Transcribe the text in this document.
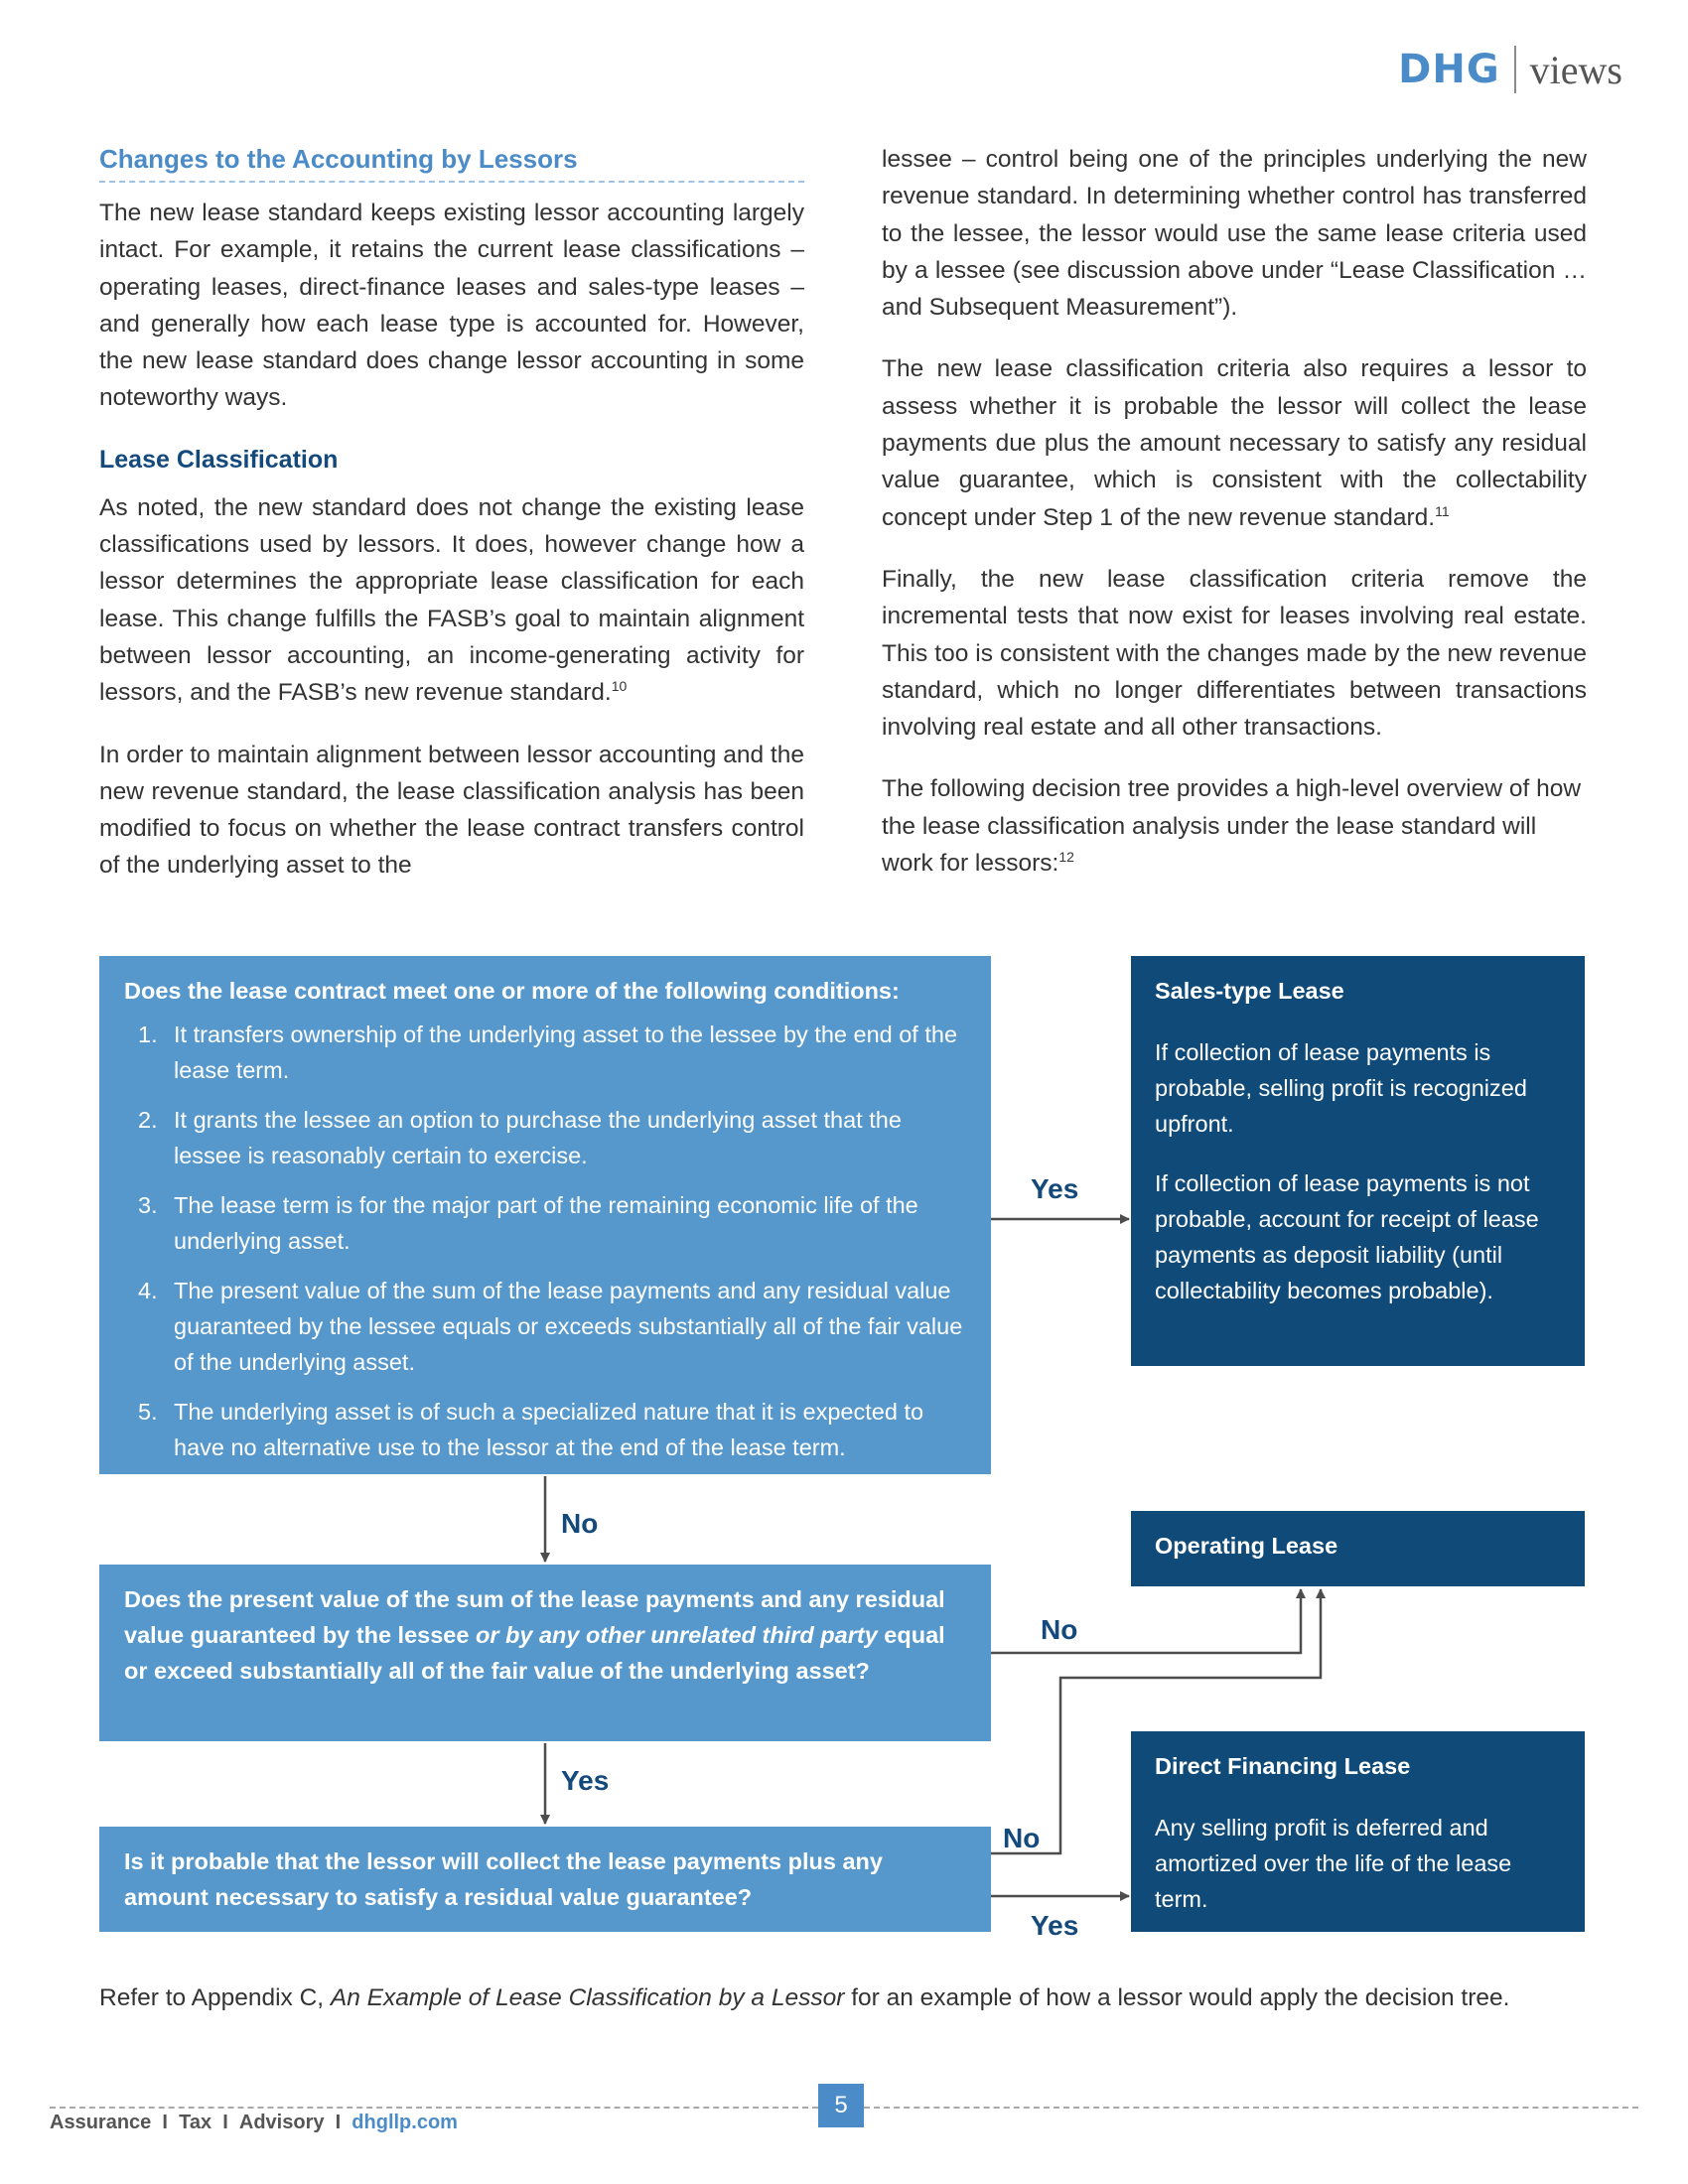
DHG views
Changes to the Accounting by Lessors

The new lease standard keeps existing lessor accounting largely intact. For example, it retains the current lease classifications – operating leases, direct-finance leases and sales-type leases – and generally how each lease type is accounted for. However, the new lease standard does change lessor accounting in some noteworthy ways.

Lease Classification

As noted, the new standard does not change the existing lease classifications used by lessors. It does, however change how a lessor determines the appropriate lease classification for each lease. This change fulfills the FASB’s goal to maintain alignment between lessor accounting, an income-generating activity for lessors, and the FASB’s new revenue standard.$^{10}$

In order to maintain alignment between lessor accounting and the new revenue standard, the lease classification analysis has been modified to focus on whether the lease contract transfers control of the underlying asset to the

lessee – control being one of the principles underlying the new revenue standard. In determining whether control has transferred to the lessee, the lessor would use the same lease criteria used by a lessee (see discussion above under “Lease Classification … and Subsequent Measurement”).

The new lease classification criteria also requires a lessor to assess whether it is probable the lessor will collect the lease payments due plus the amount necessary to satisfy any residual value guarantee, which is consistent with the collectability concept under Step 1 of the new revenue standard.$^{11}$

Finally, the new lease classification criteria remove the incremental tests that now exist for leases involving real estate. This too is consistent with the changes made by the new revenue standard, which no longer differentiates between transactions involving real estate and all other transactions.

The following decision tree provides a high-level overview of how the lease classification analysis under the lease standard will work for lessors:$^{12}$

Does the lease contract meet one or more of the following conditions:
1. It transfers ownership of the underlying asset to the lessee by the end of the lease term.
2. It grants the lessee an option to purchase the underlying asset that the lessee is reasonably certain to exercise.
3. The lease term is for the major part of the remaining economic life of the underlying asset.
4. The present value of the sum of the lease payments and any residual value guaranteed by the lessee equals or exceeds substantially all of the fair value of the underlying asset.
5. The underlying asset is of such a specialized nature that it is expected to have no alternative use to the lessor at the end of the lease term.
Sales-type Lease
If collection of lease payments is probable, selling profit is recognized upfront.
If collection of lease payments is not probable, account for receipt of lease payments as deposit liability (until collectability becomes probable).
Does the present value of the sum of the lease payments and any residual value guaranteed by the lessee or by any other unrelated third party equal or exceed substantially all of the fair value of the underlying asset?
Operating Lease
Direct Financing Lease
Any selling profit is deferred and amortized over the life of the lease term.
Is it probable that the lessor will collect the lease payments plus any amount necessary to satisfy a residual value guarantee?
Yes
No
No
Yes
No
Yes
Refer to Appendix C, An Example of Lease Classification by a Lessor for an example of how a lessor would apply the decision tree.
5
Assurance I Tax I Advisory I dhgllp.com
